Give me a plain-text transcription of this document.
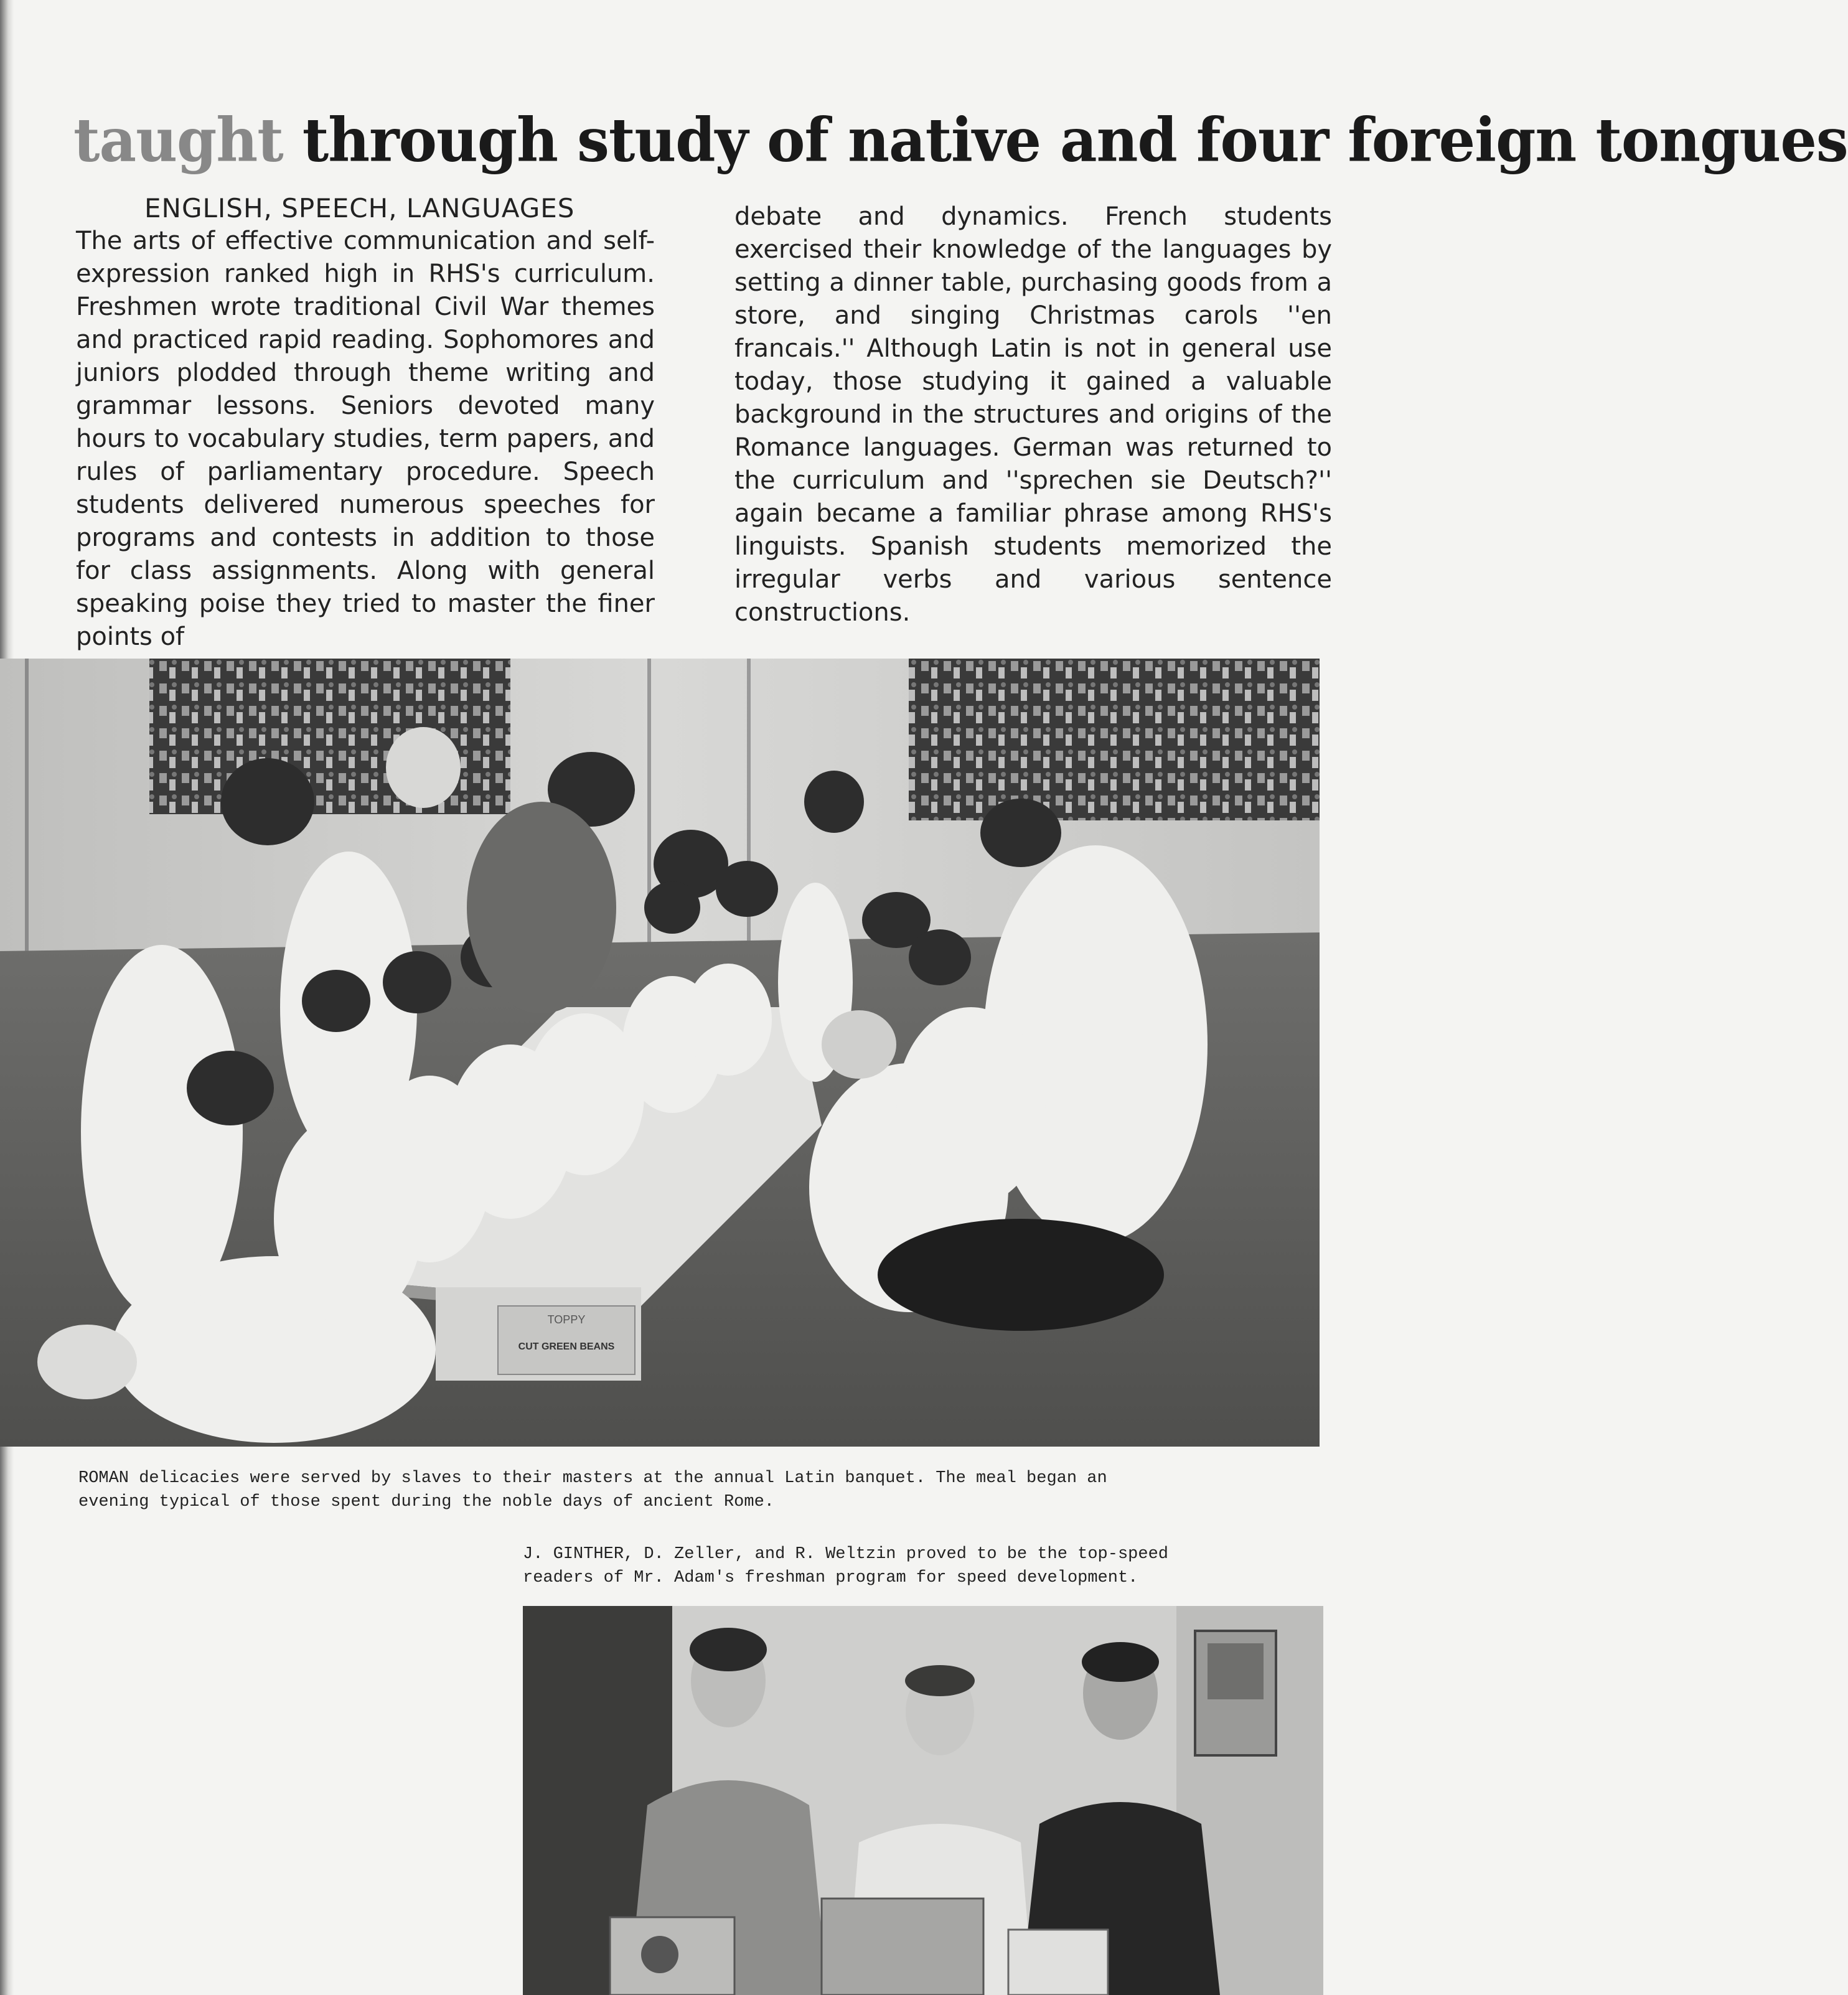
taught through study of native and four foreign tongues
ENGLISH, SPEECH, LANGUAGES
The arts of effective communication and self-expression ranked high in RHS's curriculum. Freshmen wrote traditional Civil War themes and practiced rapid reading. Sophomores and juniors plodded through theme writing and grammar lessons. Seniors devoted many hours to vocabulary studies, term papers, and rules of parliamentary procedure. Speech students delivered numerous speeches for programs and contests in addition to those for class assignments. Along with general speaking poise they tried to master the finer points of
debate and dynamics. French students exercised their knowledge of the languages by setting a dinner table, purchasing goods from a store, and singing Christmas carols ''en francais.'' Although Latin is not in general use today, those studying it gained a valuable background in the structures and origins of the Romance languages. German was returned to the curriculum and ''sprechen sie Deutsch?'' again became a familiar phrase among RHS's linguists. Spanish students memorized the irregular verbs and various sentence constructions.
TOPPY
CUT GREEN BEANS
ROMAN delicacies were served by slaves to their masters at the annual Latin banquet. The meal began an evening typical of those spent during the noble days of ancient Rome.
J. GINTHER, D. Zeller, and R. Weltzin proved to be the top-speed readers of Mr. Adam's freshman program for speed development.
